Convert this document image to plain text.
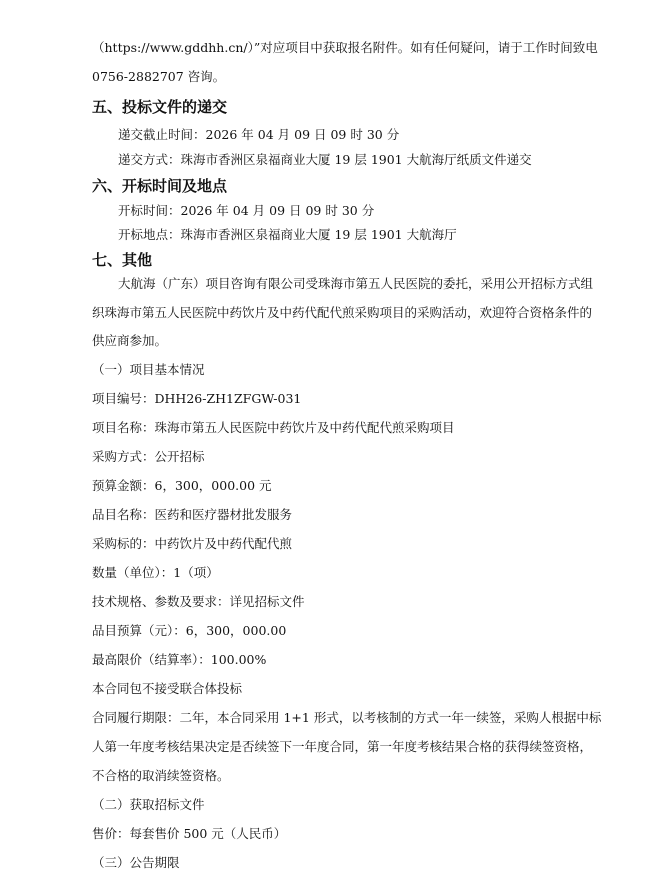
（https://www.gddhh.cn/）”对应项目中获取报名附件。如有任何疑问，请于工作时间致电
0756-2882707 咨询。
五、投标文件的递交
递交截止时间：2026 年 04 月 09 日 09 时 30 分
递交方式：珠海市香洲区泉福商业大厦 19 层 1901 大航海厅纸质文件递交
六、开标时间及地点
开标时间：2026 年 04 月 09 日 09 时 30 分
开标地点：珠海市香洲区泉福商业大厦 19 层 1901 大航海厅
七、其他
大航海（广东）项目咨询有限公司受珠海市第五人民医院的委托，采用公开招标方式组
织珠海市第五人民医院中药饮片及中药代配代煎采购项目的采购活动，欢迎符合资格条件的
供应商参加。
（一）项目基本情况
项目编号：DHH26-ZH1ZFGW-031
项目名称：珠海市第五人民医院中药饮片及中药代配代煎采购项目
采购方式：公开招标
预算金额：6，300，000.00 元
品目名称：医药和医疗器材批发服务
采购标的：中药饮片及中药代配代煎
数量（单位）：1（项）
技术规格、参数及要求：详见招标文件
品目预算（元）：6，300，000.00
最高限价（结算率）：100.00%
本合同包不接受联合体投标
合同履行期限：二年，本合同采用 1+1 形式，以考核制的方式一年一续签，采购人根据中标
人第一年度考核结果决定是否续签下一年度合同，第一年度考核结果合格的获得续签资格，
不合格的取消续签资格。
（二）获取招标文件
售价：每套售价 500 元（人民币）
（三）公告期限
